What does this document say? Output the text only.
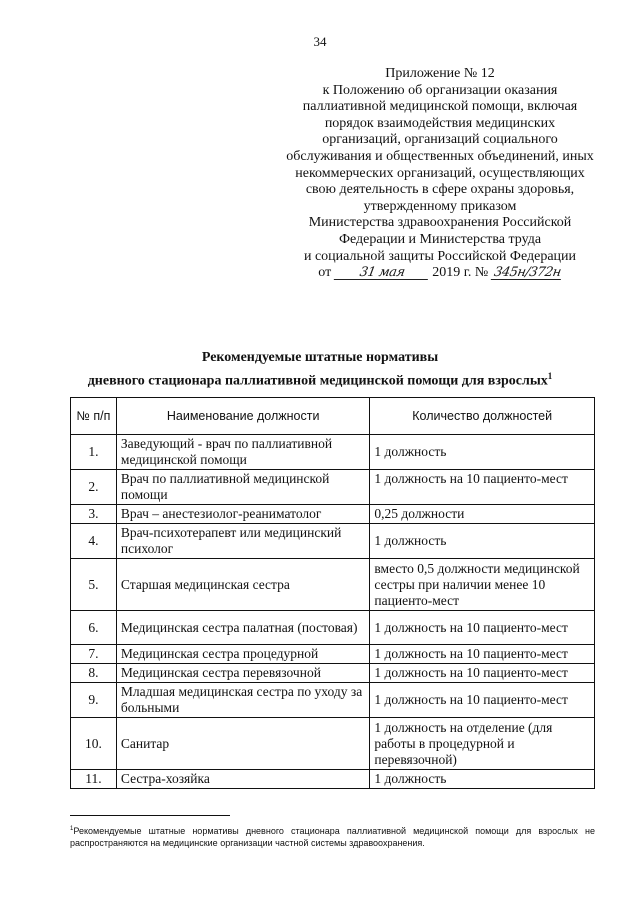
34
Приложение № 12
к Положению об организации оказания
паллиативной медицинской помощи, включая
порядок взаимодействия медицинских
организаций, организаций социального
обслуживания и общественных объединений, иных
некоммерческих организаций, осуществляющих
свою деятельность в сфере охраны здоровья,
утвержденному приказом
Министерства здравоохранения Российской
Федерации и Министерства труда
и социальной защиты Российской Федерации
от 31 мая 2019 г. № 345н/372н
Рекомендуемые штатные нормативы
дневного стационара паллиативной медицинской помощи для взрослых$^1$
№ п/п	Наименование должности	Количество должностей
1.	Заведующий - врач по паллиативной медицинской помощи	1 должность
2.	Врач по паллиативной медицинской помощи	1 должность на 10 пациенто-мест
3.	Врач – анестезиолог-реаниматолог	0,25 должности
4.	Врач-психотерапевт или медицинский психолог	1 должность
5.	Старшая медицинская сестра	вместо 0,5 должности медицинской сестры при наличии менее 10 пациенто-мест
6.	Медицинская сестра палатная (постовая)	1 должность на 10 пациенто-мест
7.	Медицинская сестра процедурной	1 должность на 10 пациенто-мест
8.	Медицинская сестра перевязочной	1 должность на 10 пациенто-мест
9.	Младшая медицинская сестра по уходу за больными	1 должность на 10 пациенто-мест
10.	Санитар	1 должность на отделение (для работы в процедурной и перевязочной)
11.	Сестра-хозяйка	1 должность
$^1$Рекомендуемые штатные нормативы дневного стационара паллиативной медицинской помощи для взрослых не распространяются на медицинские организации частной системы здравоохранения.
